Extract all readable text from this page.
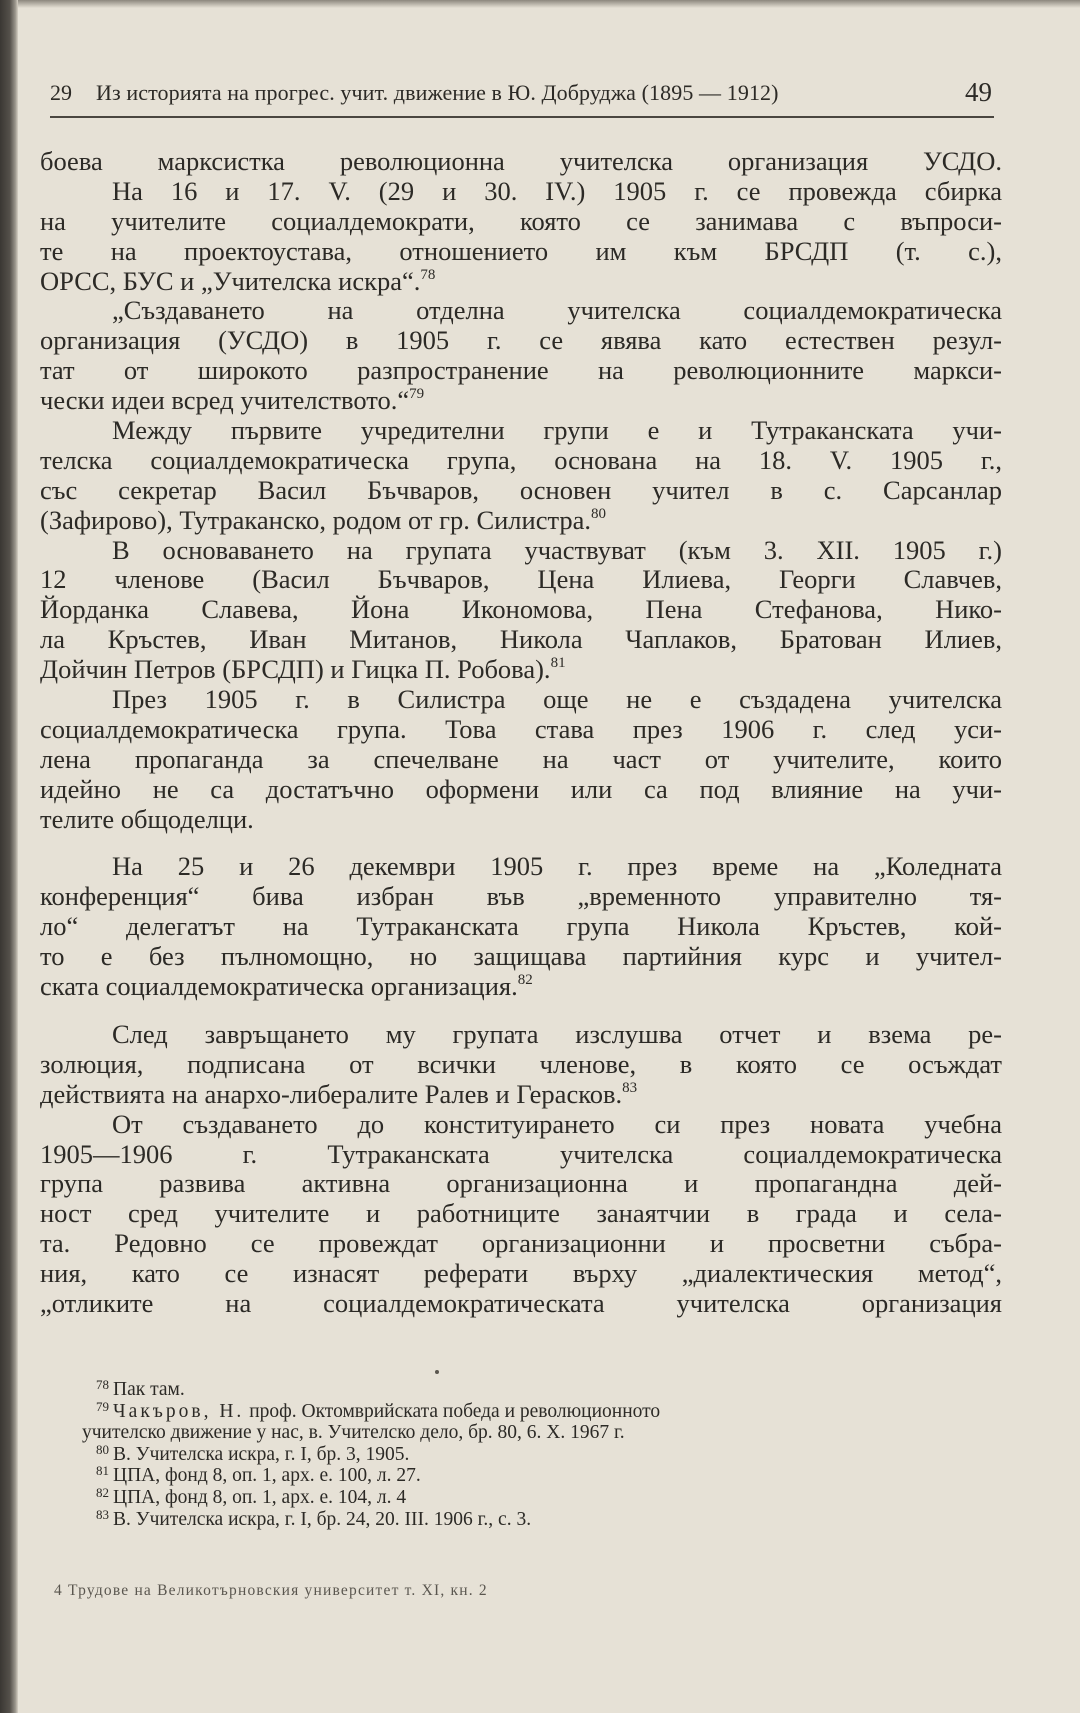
29 Из историята на прогрес. учит. движение в Ю. Добруджа (1895 — 1912)	49
боева марксистка революционна учителска организация УСДО.
На 16 и 17. V. (29 и 30. IV.) 1905 г. се провежда сбирка
на учителите социалдемократи, която се занимава с въпроси-
те на проектоустава, отношението им към БРСДП (т. с.),
ОРСС, БУС и „Учителска искра“.$^{78}$
„Създаването на отделна учителска социалдемократическа
организация (УСДО) в 1905 г. се явява като естествен резул-
тат от широкото разпространение на революционните маркси-
чески идеи всред учителството.“$^{79}$
Между първите учредителни групи е и Тутраканската учи-
телска социалдемократическа група, основана на 18. V. 1905 г.,
със секретар Васил Бъчваров, основен учител в с. Сарсанлар
(Зафирово), Тутраканско, родом от гр. Силистра.$^{80}$
В основаването на групата участвуват (към 3. XII. 1905 г.)
12 членове (Васил Бъчваров, Цена Илиева, Георги Славчев,
Йорданка Славева, Йона Икономова, Пена Стефанова, Нико-
ла Кръстев, Иван Митанов, Никола Чаплаков, Братован Илиев,
Дойчин Петров (БРСДП) и Гицка П. Робова).$^{81}$
През 1905 г. в Силистра още не е създадена учителска
социалдемократическа група. Това става през 1906 г. след уси-
лена пропаганда за спечелване на част от учителите, които
идейно не са достатъчно оформени или са под влияние на учи-
телите общоделци.
На 25 и 26 декември 1905 г. през време на „Коледната
конференция“ бива избран във „временното управително тя-
ло“ делегатът на Тутраканската група Никола Кръстев, кой-
то е без пълномощно, но защищава партийния курс и учител-
ската социалдемократическа организация.$^{82}$
След завръщането му групата изслушва отчет и взема ре-
золюция, подписана от всички членове, в която се осъждат
действията на анархо-либералите Ралев и Герасков.$^{83}$
От създаването до конституирането си през новата учебна
1905—1906 г. Тутраканската учителска социалдемократическа
група развива активна организационна и пропагандна дей-
ност сред учителите и работниците занаятчии в града и села-
та. Редовно се провеждат организационни и просветни събра-
ния, като се изнасят реферати върху „диалектическия метод“,
„отликите на социалдемократическата учителска организация
$^{78}$ Пак там.
$^{79}$ Чакъров, Н. проф. Октомврийската победа и революционното
учителско движение у нас, в. Учителско дело, бр. 80, 6. X. 1967 г.
$^{80}$ В. Учителска искра, г. I, бр. 3, 1905.
$^{81}$ ЦПА, фонд 8, оп. 1, арх. е. 100, л. 27.
$^{82}$ ЦПА, фонд 8, оп. 1, арх. е. 104, л. 4
$^{83}$ В. Учителска искра, г. I, бр. 24, 20. III. 1906 г., с. 3.
4 Трудове на Великотърновския университет т. XI, кн. 2
